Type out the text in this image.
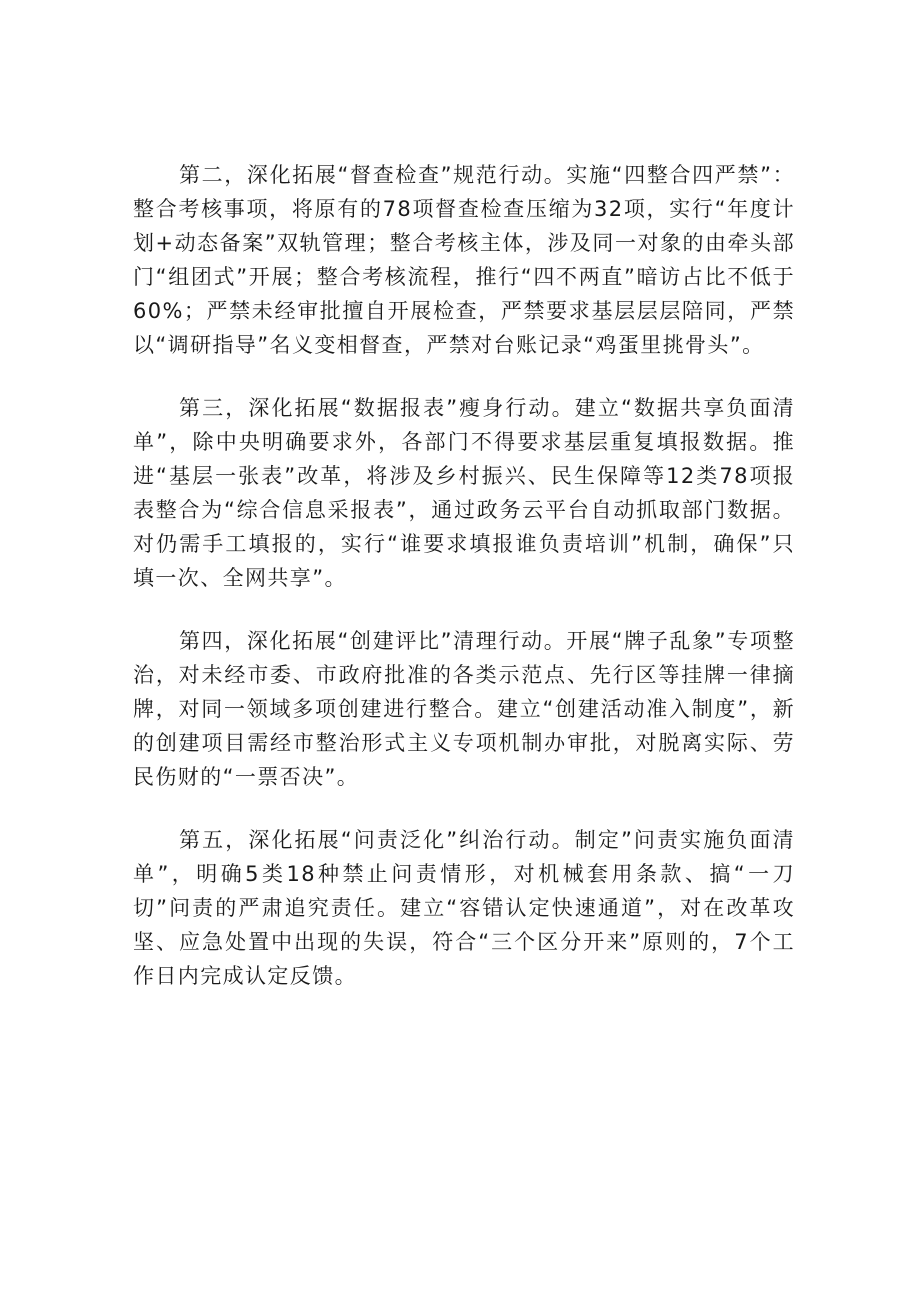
第二，深化拓展“督查检查”规范行动。实施“四整合四严禁”：整合考核事项，将原有的78项督查检查压缩为32项，实行“年度计划+动态备案”双轨管理；整合考核主体，涉及同一对象的由牵头部门“组团式”开展；整合考核流程，推行“四不两直”暗访占比不低于60%；严禁未经审批擅自开展检查，严禁要求基层层层陪同，严禁以“调研指导”名义变相督查，严禁对台账记录“鸡蛋里挑骨头”。

第三，深化拓展“数据报表”瘦身行动。建立“数据共享负面清单”，除中央明确要求外，各部门不得要求基层重复填报数据。推进“基层一张表”改革，将涉及乡村振兴、民生保障等12类78项报表整合为“综合信息采报表”，通过政务云平台自动抓取部门数据。对仍需手工填报的，实行“谁要求填报谁负责培训”机制，确保”只填一次、全网共享”。

第四，深化拓展“创建评比”清理行动。开展“牌子乱象”专项整治，对未经市委、市政府批准的各类示范点、先行区等挂牌一律摘牌，对同一领域多项创建进行整合。建立“创建活动准入制度”，新的创建项目需经市整治形式主义专项机制办审批，对脱离实际、劳民伤财的“一票否决”。

第五，深化拓展“问责泛化”纠治行动。制定”问责实施负面清单”，明确5类18种禁止问责情形，对机械套用条款、搞“一刀切”问责的严肃追究责任。建立“容错认定快速通道”，对在改革攻坚、应急处置中出现的失误，符合“三个区分开来”原则的，7个工作日内完成认定反馈。
